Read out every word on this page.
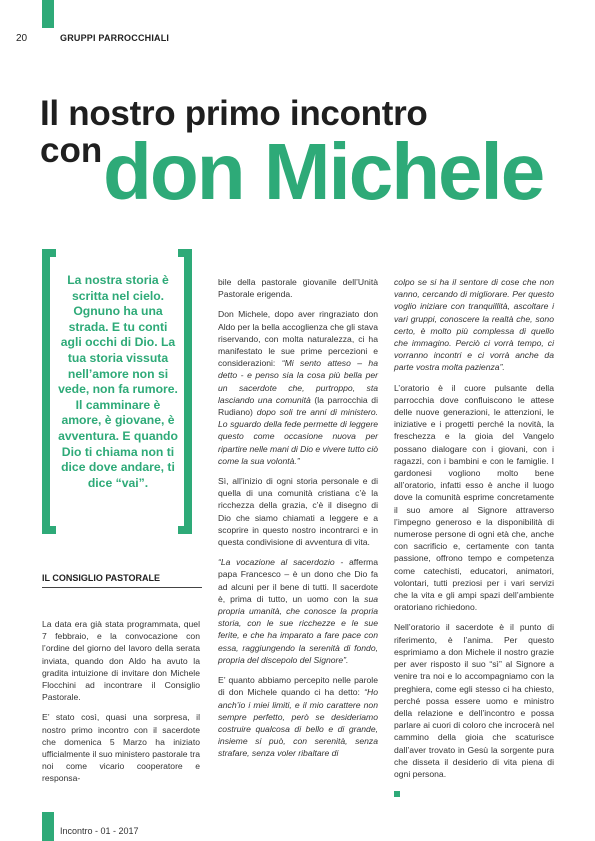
20	GRUPPI PARROCCHIALI
Il nostro primo incontro
con don Michele
La nostra storia è scritta nel cielo. Ognuno ha una strada. E tu conti agli occhi di Dio. La tua storia vissuta nell’amore non si vede, non fa rumore. Il camminare è amore, è giovane, è avventura. E quando Dio ti chiama non ti dice dove andare, ti dice “vai”.
IL CONSIGLIO PASTORALE

La data era già stata programmata, quel 7 febbraio, e la convocazione con l’ordine del giorno del lavoro della serata inviata, quando don Aldo ha avuto la gradita intuizione di invitare don Michele Flocchini ad incontrare il Consiglio Pastorale.

E’ stato così, quasi una sorpresa, il nostro primo incontro con il sacerdote che domenica 5 Marzo ha iniziato ufficialmente il suo ministero pastorale tra noi come vicario cooperatore e responsa-

bile della pastorale giovanile dell’Unità Pastorale erigenda.

Don Michele, dopo aver ringraziato don Aldo per la bella accoglienza che gli stava riservando, con molta naturalezza, ci ha manifestato le sue prime percezioni e considerazioni: “Mi sento atteso – ha detto - e penso sia la cosa più bella per un sacerdote che, purtroppo, sta lasciando una comunità (la parrocchia di Rudiano) dopo soli tre anni di ministero. Lo sguardo della fede permette di leggere questo come occasione nuova per ripartire nelle mani di Dio e vivere tutto ciò come la sua volontà.”

Sì, all’inizio di ogni storia personale e di quella di una comunità cristiana c’è la ricchezza della grazia, c’è il disegno di Dio che siamo chiamati a leggere e a scoprire in questo nostro incontrarci e in questa condivisione di avventura di vita.

“La vocazione al sacerdozio - afferma papa Francesco – è un dono che Dio fa ad alcuni per il bene di tutti. Il sacerdote è, prima di tutto, un uomo con la sua propria umanità, che conosce la propria storia, con le sue ricchezze e le sue ferite, e che ha imparato a fare pace con essa, raggiungendo la serenità di fondo, propria del discepolo del Signore”.

E’ quanto abbiamo percepito nelle parole di don Michele quando ci ha detto: “Ho anch’io i miei limiti, e il mio carattere non sempre perfetto, però se desideriamo costruire qualcosa di bello e di grande, insieme si può, con serenità, senza strafare, senza voler ribaltare di

colpo se si ha il sentore di cose che non vanno, cercando di migliorare. Per questo voglio iniziare con tranquillità, ascoltare i vari gruppi, conoscere la realtà che, sono certo, è molto più complessa di quello che immagino. Perciò ci vorrà tempo, ci vorranno incontri e ci vorrà anche da parte vostra molta pazienza”.

L’oratorio è il cuore pulsante della parrocchia dove confluiscono le attese delle nuove generazioni, le attenzioni, le iniziative e i progetti perché la novità, la freschezza e la gioia del Vangelo possano dialogare con i giovani, con i ragazzi, con i bambini e con le famiglie. I gardonesi vogliono molto bene all’oratorio, infatti esso è anche il luogo dove la comunità esprime concretamente il suo amore al Signore attraverso l’impegno generoso e la disponibilità di numerose persone di ogni età che, anche con sacrificio e, certamente con tanta passione, offrono tempo e competenza come catechisti, educatori, animatori, volontari, tutti preziosi per i vari servizi che la vita e gli ampi spazi dell’ambiente oratoriano richiedono.

Nell’oratorio il sacerdote è il punto di riferimento, è l’anima. Per questo esprimiamo a don Michele il nostro grazie per aver risposto il suo “sì” al Signore a venire tra noi e lo accompagniamo con la preghiera, come egli stesso ci ha chiesto, perché possa essere uomo e ministro della relazione e dell’incontro e possa parlare ai cuori di coloro che incrocerà nel cammino della gioia che scaturisce dall’aver trovato in Gesù la sorgente pura che disseta il desiderio di vita piena di ogni persona.

Incontro - 01 - 2017
